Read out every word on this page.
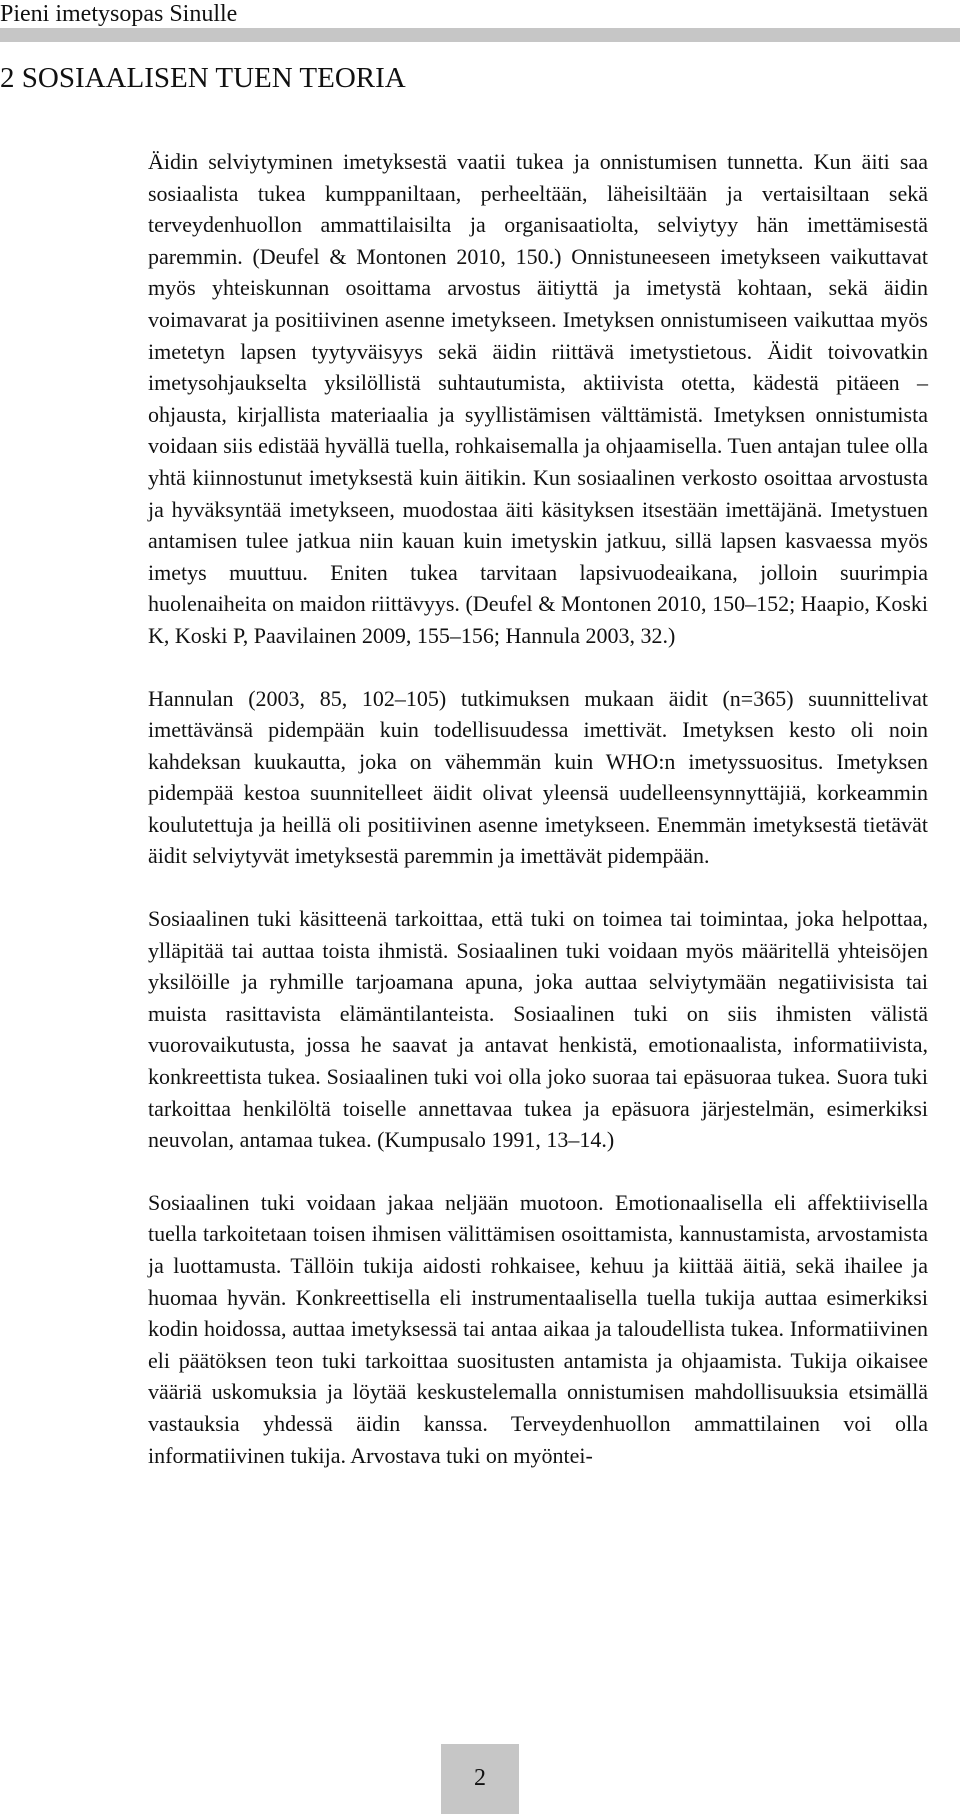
Pieni imetysopas Sinulle
2 SOSIAALISEN TUEN TEORIA

Äidin selviytyminen imetyksestä vaatii tukea ja onnistumisen tunnetta. Kun äiti saa sosiaalista tukea kumppaniltaan, perheeltään, läheisiltään ja vertaisiltaan sekä terveydenhuollon ammattilaisilta ja organisaatiolta, selviytyy hän imettämisestä paremmin. (Deufel & Montonen 2010, 150.) Onnistuneeseen imetykseen vaikuttavat myös yhteiskunnan osoittama arvostus äitiyttä ja imetystä kohtaan, sekä äidin voimavarat ja positiivinen asenne imetykseen. Imetyksen onnistumiseen vaikuttaa myös imetetyn lapsen tyytyväisyys sekä äidin riittävä imetystietous. Äidit toivovatkin imetysohjaukselta yksilöllistä suhtautumista, aktiivista otetta, kädestä pitäeen – ohjausta, kirjallista materiaalia ja syyllistämisen välttämistä. Imetyksen onnistumista voidaan siis edistää hyvällä tuella, rohkaisemalla ja ohjaamisella. Tuen antajan tulee olla yhtä kiinnostunut imetyksestä kuin äitikin. Kun sosiaalinen verkosto osoittaa arvostusta ja hyväksyntää imetykseen, muodostaa äiti käsityksen itsestään imettäjänä. Imetystuen antamisen tulee jatkua niin kauan kuin imetyskin jatkuu, sillä lapsen kasvaessa myös imetys muuttuu. Eniten tukea tarvitaan lapsivuodeaikana, jolloin suurimpia huolenaiheita on maidon riittävyys. (Deufel & Montonen 2010, 150–152; Haapio, Koski K, Koski P, Paavilainen 2009, 155–156; Hannula 2003, 32.)

Hannulan (2003, 85, 102–105) tutkimuksen mukaan äidit (n=365) suunnittelivat imettävänsä pidempään kuin todellisuudessa imettivät. Imetyksen kesto oli noin kahdeksan kuukautta, joka on vähemmän kuin WHO:n imetyssuositus. Imetyksen pidempää kestoa suunnitelleet äidit olivat yleensä uudelleensynnyttäjiä, korkeammin koulutettuja ja heillä oli positiivinen asenne imetykseen. Enemmän imetyksestä tietävät äidit selviytyvät imetyksestä paremmin ja imettävät pidempään.

Sosiaalinen tuki käsitteenä tarkoittaa, että tuki on toimea tai toimintaa, joka helpottaa, ylläpitää tai auttaa toista ihmistä. Sosiaalinen tuki voidaan myös määritellä yhteisöjen yksilöille ja ryhmille tarjoamana apuna, joka auttaa selviytymään negatiivisista tai muista rasittavista elämäntilanteista. Sosiaalinen tuki on siis ihmisten välistä vuorovaikutusta, jossa he saavat ja antavat henkistä, emotionaalista, informatiivista, konkreettista tukea. Sosiaalinen tuki voi olla joko suoraa tai epäsuoraa tukea. Suora tuki tarkoittaa henkilöltä toiselle annettavaa tukea ja epäsuora järjestelmän, esimerkiksi neuvolan, antamaa tukea. (Kumpusalo 1991, 13–14.)

Sosiaalinen tuki voidaan jakaa neljään muotoon. Emotionaalisella eli affektiivisella tuella tarkoitetaan toisen ihmisen välittämisen osoittamista, kannustamista, arvostamista ja luottamusta. Tällöin tukija aidosti rohkaisee, kehuu ja kiittää äitiä, sekä ihailee ja huomaa hyvän. Konkreettisella eli instrumentaalisella tuella tukija auttaa esimerkiksi kodin hoidossa, auttaa imetyksessä tai antaa aikaa ja taloudellista tukea. Informatiivinen eli päätöksen teon tuki tarkoittaa suositusten antamista ja ohjaamista. Tukija oikaisee vääriä uskomuksia ja löytää keskustelemalla onnistumisen mahdollisuuksia etsimällä vastauksia yhdessä äidin kanssa. Terveydenhuollon ammattilainen voi olla informatiivinen tukija. Arvostava tuki on myöntei-

2
